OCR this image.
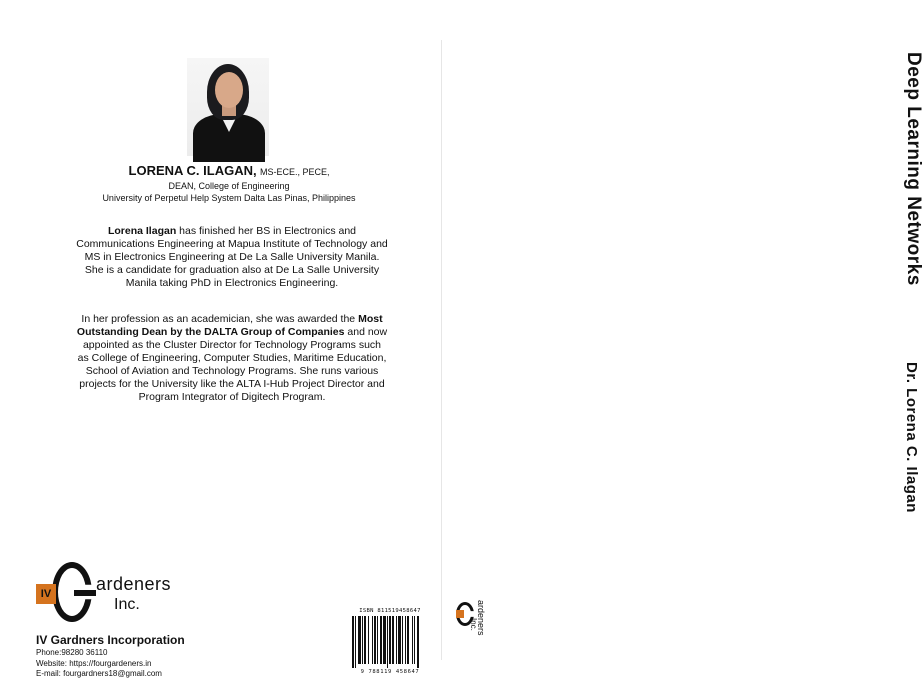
LORENA C. ILAGAN, MS-ECE., PECE,
DEAN, College of Engineering
University of Perpetul Help System Dalta Las Pinas, Philippines
Lorena Ilagan has finished her BS in Electronics and Communications Engineering at Mapua Institute of Technology and MS in Electronics Engineering at De La Salle University Manila. She is a candidate for graduation also at De La Salle University Manila taking PhD in Electronics Engineering.
In her profession as an academician, she was awarded the Most Outstanding Dean by the DALTA Group of Companies and now appointed as the Cluster Director for Technology Programs such as College of Engineering, Computer Studies, Maritime Education, School of Aviation and Technology Programs. She runs various projects for the University like the ALTA I-Hub Project Director and Program Integrator of Digitech Program.
IV ardeners
Inc.
IV Gardners Incorporation
Phone:98280 36110
Website: https://fourgardeners.in
E-mail: fourgardners18@gmail.com
ISBN 811519458647
9 788119 458647
Deep Learning Networks
Dr. Lorena C. Ilagan
ardeners
Inc.
